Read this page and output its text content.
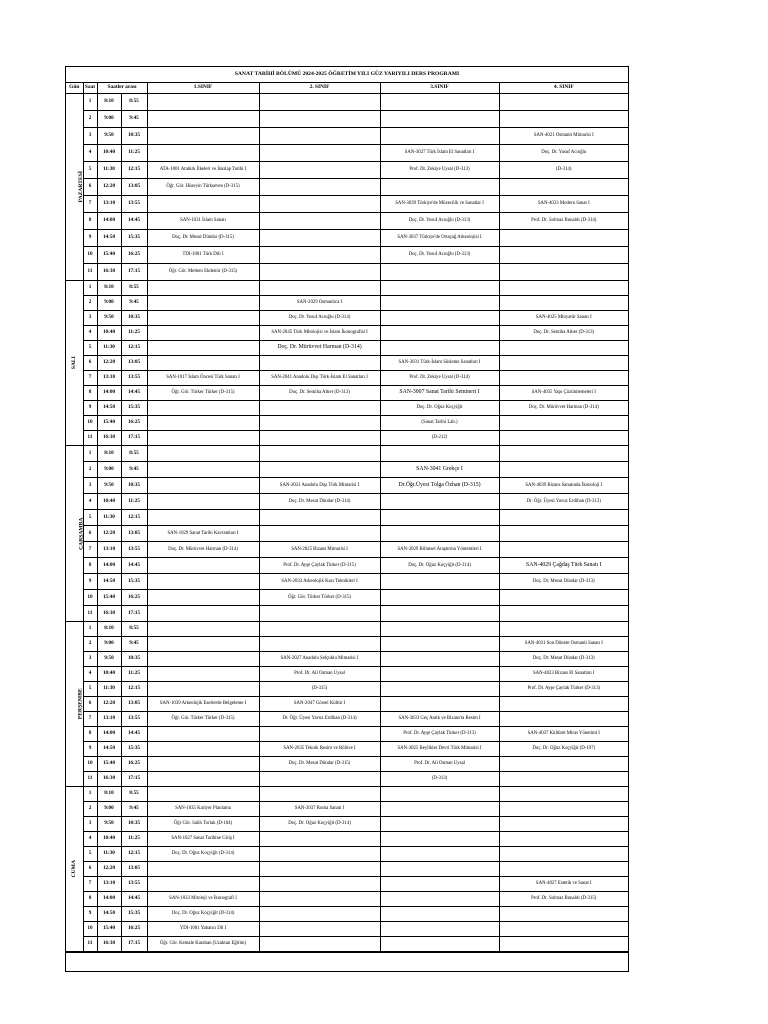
SANAT TARİHİ BÖLÜMÜ 2024-2025 ÖĞRETİM YILI GÜZ YARIYILI DERS PROGRAMI
Gün	Saat	Saatler arası		1.SINIF	2. SINIF	3.SINIF	4. SINIF
PAZARTESİ	1	8:10	8:55				
	2	9:00	9:45				
	3	9:50	10:35				SAN-4021 Osmanlı Mimarisi I
	4	10:40	11:25			SAN-3027 Türk İslam El Sanatları I	Doç. Dr. Yusuf Acıoğlu
	5	11:30	12:15	ATA-1001 Atatürk İlkeleri ve İnkılap Tarihi I		Prof. Dr. Zekiye Uysal (D-313)	(D-314)
	6	12:20	13:05	Öğr. Gör. Hüseyin Türkseven (D-315)			
	7	13:10	13:55			SAN-3039 Türkiye'de Müzecilik ve Sanatlar I	SAN-4033 Modern Sanat I
	8	14:00	14:45	SAN-1031 İslam Sanatı		Doç. Dr. Yusuf Acıoğlu (D-313)	Prof. Dr. Solmaz Bunaldı (D-314)
	9	14:50	15:35	Doç. Dr. Mesut Dündar (D-315)		SAN-3037 Türkiye'de Ortaçağ Arkeolojisi I	
	10	15:40	16:25	TDI-1001 Türk Dili I		Doç. Dr. Yusuf Acıoğlu (D-313)	
	11	16:30	17:15	Öğr. Gör. Meltem Ekdemir (D-315)			
SALI	1	8:10	8:55				
	2	9:00	9:45		SAN-2029 Osmanlıca I		
	3	9:50	10:35		Doç. Dr. Yusuf Acıoğlu (D-314)		SAN-4025 Minyatür Sanatı I
	4	10:40	11:25		SAN-2045 Türk Mitolojisi ve İslam İkonografisi I		Doç. Dr. Semiha Altıer (D-313)
	5	11:30	12:15		Doç. Dr. Mürüvvet Harman (D-314)		
	6	12:20	13:05			SAN-3031 Türk-İslam Süsleme Sanatları I	
	7	13:10	13:55	SAN-1017 İslam Öncesi Türk Sanatı I	SAN-2041 Anadolu Dışı Türk-İslam El Sanatları I	Prof. Dr. Zekiye Uysal (D-314)	
	8	14:00	14:45	Öğr. Gör. Türker Türker (D-315)	Doç. Dr. Semiha Altıer (D-313)	SAN-3007 Sanat Tarihi Semineri I	SAN-4035 Yapı Çözümlemeleri I
	9	14:50	15:35			Doç. Dr. Oğuz Koçyiğit	Doç. Dr. Mürüvvet Harman (D-314)
	10	15:40	16:25			(Sanat Tarihi Lab.)	
	11	16:30	17:15			(D-212)	
ÇARŞAMBA	1	8:10	8:55				
	2	9:00	9:45			SAN-3041 Grekçe I	
	3	9:50	10:35		SAN-2031 Anadolu Dışı Türk Mimarisi I	Dr.Öğr.Üyesi Tolga Özhan (D-315)	SAN-4039 Bizans Sanatında İkonoloji I
	4	10:40	11:25		Doç. Dr. Mesut Dündar (D-314)		Dr. Öğr. Üyesi Yavuz Erdihan (D-313)
	5	11:30	12:15				
	6	12:20	13:05	SAN-1029 Sanat Tarihi Kavramları I			
	7	13:10	13:55	Doç. Dr. Mürüvvet Harman (D-314)	SAN-2025 Bizans Mimarisi I	SAN-3029 Bilimsel Araştırma Yöntemleri I	
	8	14:00	14:45		Prof. Dr. Ayşe Çaylak Türker (D-315)	Doç. Dr. Oğuz Koçyiğit (D-314)	SAN-4029 Çağdaş Türk Sanatı I
	9	14:50	15:35		SAN-2033 Arkeolojik Kazı Teknikleri I		Doç. Dr. Mesut Dündar (D-313)
	10	15:40	16:25		Öğr. Gör. Türker Türker (D-315)		
	11	16:30	17:15				
PERŞEMBE	1	8:10	8:55				
	2	9:00	9:45				SAN-4031 Son Dönem Osmanlı Sanatı I
	3	9:50	10:35		SAN-2027 Anadolu Selçuklu Mimarisi I		Doç. Dr. Mesut Dündar (D-313)
	4	10:40	11:25		Prof. Dr. Ali Osman Uysal		SAN-4023 Bizans El Sanatları I
	5	11:30	12:15		(D-315)		Prof. Dr. Ayşe Çaylak Türker (D-313)
	6	12:20	13:05	SAN-1039 Arkeolojik Eserlerde Belgeleme I	SAN-2047 Görsel Kültür I		
	7	13:10	13:55	Öğr. Gör. Türker Türker (D-315)	Dr. Öğr. Üyesi Yavuz Erdihan (D-314)	SAN-3033 Geç Antik ve Bizans'ta Resim I	
	8	14:00	14:45			Prof. Dr. Ayşe Çaylak Türker (D-313)	SAN-4037 Kültürel Miras Yönetimi I
	9	14:50	15:35		SAN-2035 Teknik Resim ve Rölöve I	SAN-3025 Beylikler Devri Türk Mimarisi I	Doç. Dr. Oğuz Koçyiğit (D-107)
	10	15:40	16:25		Doç. Dr. Mesut Dündar (D-315)	Prof. Dr. Ali Osman Uysal	
	11	16:30	17:15			(D-313)	
CUMA	1	8:10	8:55				
	2	9:00	9:45	SAN-1035 Kariyer Planlama	SAN-2037 Roma Sanatı I		
	3	9:50	10:35	Öğr Gör. Salih Torlak (D-104)	Doç. Dr. Oğuz Koçyiğit (D-314)		
	4	10:40	11:25	SAN-1027 Sanat Tarihine Giriş I			
	5	11:30	12:15	Doç. Dr. Oğuz Koçyiğit (D-314)			
	6	12:20	13:05				
	7	13:10	13:55				SAN-4027 Estetik ve Sanat I
	8	14:00	14:45	SAN-1033 Mitoloji ve İkonografi I			Prof. Dr. Solmaz Bunaldı (D-315)
	9	14:50	15:35	Doç. Dr. Oğuz Koçyiğit (D-314)			
	10	15:40	16:25	YDI-1001 Yabancı Dil I			
	11	16:30	17:15	Öğr. Gör. Kemale Karahan (Uzaktan Eğitim)			
